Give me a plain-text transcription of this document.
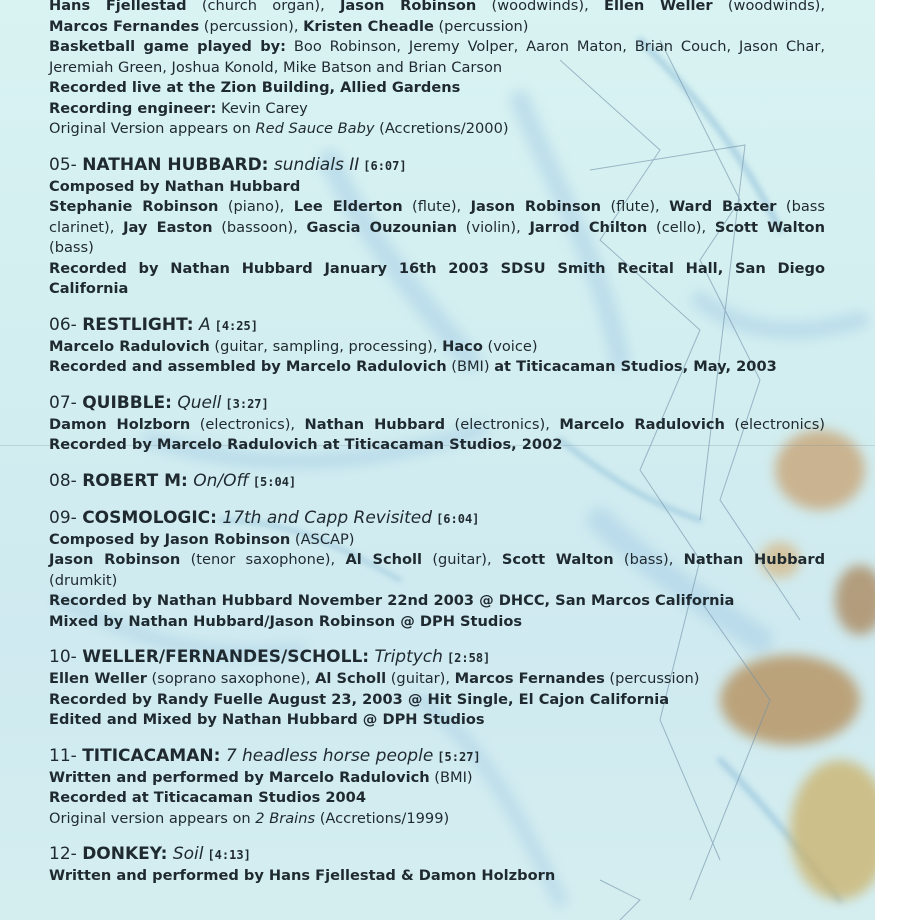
Hans Fjellestad (church organ), Jason Robinson (woodwinds), Ellen Weller (woodwinds),
Marcos Fernandes (percussion), Kristen Cheadle (percussion)
Basketball game played by: Boo Robinson, Jeremy Volper, Aaron Maton, Brian Couch, Jason Char,
Jeremiah Green, Joshua Konold, Mike Batson and Brian Carson
Recorded live at the Zion Building, Allied Gardens
Recording engineer: Kevin Carey
Original Version appears on Red Sauce Baby (Accretions/2000)
05- NATHAN HUBBARD: sundials II [6:07]
Composed by Nathan Hubbard
Stephanie Robinson (piano), Lee Elderton (flute), Jason Robinson (flute), Ward Baxter (bass clarinet), Jay Easton (bassoon), Gascia Ouzounian (violin), Jarrod Chilton (cello), Scott Walton (bass)
Recorded by Nathan Hubbard January 16th 2003 SDSU Smith Recital Hall, San Diego California
06- RESTLIGHT: A [4:25]
Marcelo Radulovich (guitar, sampling, processing), Haco (voice)
Recorded and assembled by Marcelo Radulovich (BMI) at Titicacaman Studios, May, 2003
07- QUIBBLE: Quell [3:27]
Damon Holzborn (electronics), Nathan Hubbard (electronics), Marcelo Radulovich (electronics)
Recorded by Marcelo Radulovich at Titicacaman Studios, 2002
08- ROBERT M: On/Off [5:04]
09- COSMOLOGIC: 17th and Capp Revisited [6:04]
Composed by Jason Robinson (ASCAP)
Jason Robinson (tenor saxophone), Al Scholl (guitar), Scott Walton (bass), Nathan Hubbard (drumkit)
Recorded by Nathan Hubbard November 22nd 2003 @ DHCC, San Marcos California
Mixed by Nathan Hubbard/Jason Robinson @ DPH Studios
10- WELLER/FERNANDES/SCHOLL: Triptych [2:58]
Ellen Weller (soprano saxophone), Al Scholl (guitar), Marcos Fernandes (percussion)
Recorded by Randy Fuelle August 23, 2003 @ Hit Single, El Cajon California
Edited and Mixed by Nathan Hubbard @ DPH Studios
11- TITICACAMAN: 7 headless horse people [5:27]
Written and performed by Marcelo Radulovich (BMI)
Recorded at Titicacaman Studios 2004
Original version appears on 2 Brains (Accretions/1999)
12- DONKEY: Soil [4:13]
Written and performed by Hans Fjellestad & Damon Holzborn
